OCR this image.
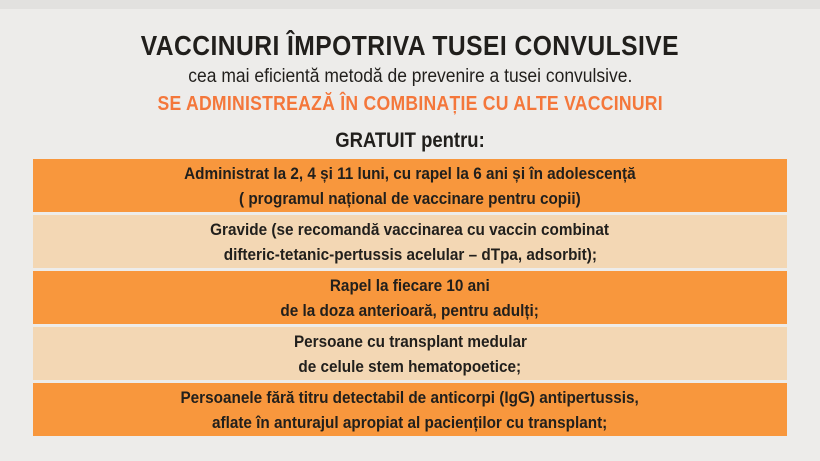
VACCINURI ÎMPOTRIVA TUSEI CONVULSIVE
cea mai eficientă metodă de prevenire a tusei convulsive.
SE ADMINISTREAZĂ ÎN COMBINAȚIE CU ALTE VACCINURI
GRATUIT pentru:
Administrat la 2, 4 și 11 luni, cu rapel la 6 ani și în adolescență
( programul național de vaccinare pentru copii)
Gravide (se recomandă vaccinarea cu vaccin combinat
difteric-tetanic-pertussis acelular – dTpa, adsorbit);
Rapel la fiecare 10 ani
de la doza anterioară, pentru adulți;
Persoane cu transplant medular
de celule stem hematopoetice;
Persoanele fără titru detectabil de anticorpi (IgG) antipertussis,
aflate în anturajul apropiat al pacienților cu transplant;
